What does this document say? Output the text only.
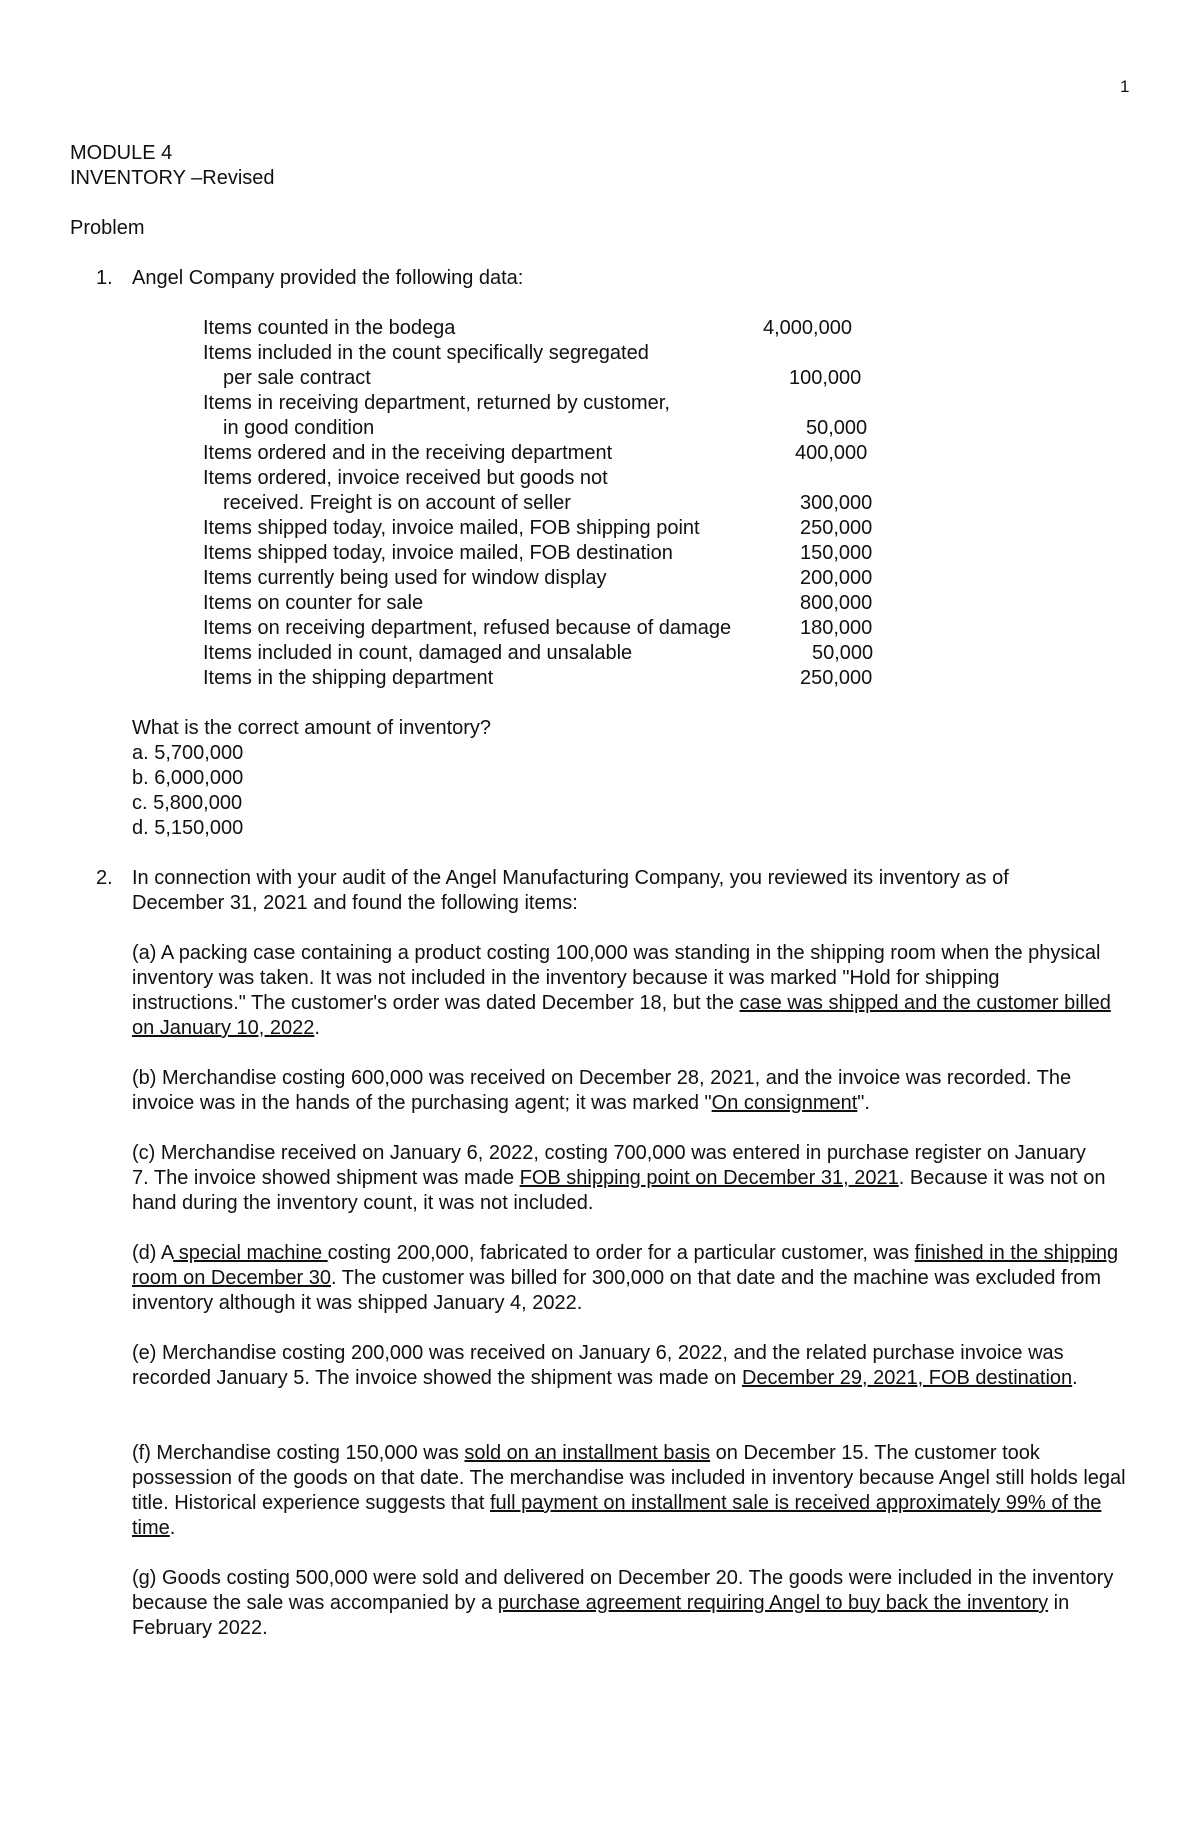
1
MODULE 4
INVENTORY –Revised
Problem
1. Angel Company provided the following data:
Items counted in the bodega	4,000,000
Items included in the count specifically segregated
per sale contract	100,000
Items in receiving department, returned by customer,
in good condition	50,000
Items ordered and in the receiving department	400,000
Items ordered, invoice received but goods not
received. Freight is on account of seller	300,000
Items shipped today, invoice mailed, FOB shipping point	250,000
Items shipped today, invoice mailed, FOB destination	150,000
Items currently being used for window display	200,000
Items on counter for sale	800,000
Items on receiving department, refused because of damage	180,000
Items included in count, damaged and unsalable	50,000
Items in the shipping department	250,000
What is the correct amount of inventory?
a. 5,700,000
b. 6,000,000
c. 5,800,000
d. 5,150,000
2. In connection with your audit of the Angel Manufacturing Company, you reviewed its inventory as of December 31, 2021 and found the following items:
(a) A packing case containing a product costing 100,000 was standing in the shipping room when the physical inventory was taken. It was not included in the inventory because it was marked "Hold for shipping instructions." The customer's order was dated December 18, but the case was shipped and the customer billed on January 10, 2022.
(b) Merchandise costing 600,000 was received on December 28, 2021, and the invoice was recorded. The invoice was in the hands of the purchasing agent; it was marked "On consignment".
(c) Merchandise received on January 6, 2022, costing 700,000 was entered in purchase register on January 7. The invoice showed shipment was made FOB shipping point on December 31, 2021. Because it was not on hand during the inventory count, it was not included.
(d) A special machine costing 200,000, fabricated to order for a particular customer, was finished in the shipping room on December 30. The customer was billed for 300,000 on that date and the machine was excluded from inventory although it was shipped January 4, 2022.
(e) Merchandise costing 200,000 was received on January 6, 2022, and the related purchase invoice was recorded January 5. The invoice showed the shipment was made on December 29, 2021, FOB destination.
(f) Merchandise costing 150,000 was sold on an installment basis on December 15. The customer took possession of the goods on that date. The merchandise was included in inventory because Angel still holds legal title. Historical experience suggests that full payment on installment sale is received approximately 99% of the time.
(g) Goods costing 500,000 were sold and delivered on December 20. The goods were included in the inventory because the sale was accompanied by a purchase agreement requiring Angel to buy back the inventory in February 2022.
